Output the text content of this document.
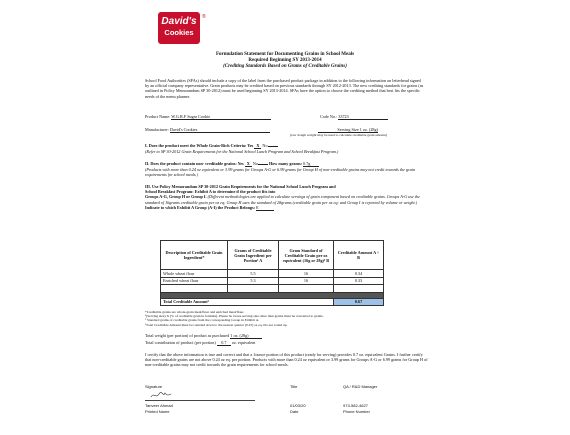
David's
Cookies
®
Formulation Statement for Documenting Grains in School Meals
Required Beginning SY 2013-2014
(Crediting Standards Based on Grams of Creditable Grains)
School Food Authorities (SFAs) should include a copy of the label from the purchased product package in addition to the following information on letterhead signed by an official company representative. Grain products may be credited based on previous standards through SY 2012-2013. The new crediting standards for grains (as outlined in Policy Memorandum SP 30-2012) must be used beginning SY 2013-2014. SFAs have the option to choose the crediting method that best fits the specific needs of the menu planner.
Product Name: W.G.R.F Sugar Cookie	Code No.: 33723
Manufacturer: David's Cookies	Serving Size 1 oz. (28g)
(raw dough weight may be used to calculate creditable grain amount)
I. Does the product meet the Whole Grain-Rich Criteria: Yes X No
(Refer to SP 30-2012 Grain Requirements for the National School Lunch Program and School Breakfast Program.)
II. Does the product contain non- creditable grains: Yes X No	How many grams: 0.7g
(Products with more than 0.24 oz equivalent or 3.99 grams for Groups A-G or 6.99 grams for Group H of non-creditable grains may not credit towards the grain requirements for school meals.)
III. Use Policy Memorandum SP 30-2012 Grain Requirements for the National School Lunch Program and
School Breakfast Program: Exhibit A to determine if the product fits into
Groups A-G, Group H or Group I. (Different methodologies are applied to calculate servings of grain component based on creditable grains. Groups A-G use the standard of 16grams creditable grain per oz eq; Group H uses the standard of 28grams (creditable grain per oz eq; and Group I is reported by volume or weight.)
Indicate to which Exhibit A Group (A-I) the Product Belongs: E
Description of Creditable Grain Ingredient*	Grams of Creditable Grain Ingredient per Portion¹ A	Gram Standard of Creditable Grain per oz equivalent (16g or 28g)² B	Creditable Amount A ÷ B
Whole wheat flour	5.5	16	0.34
Enriched wheat flour	5.3	16	0.33

Total Creditable Amount³			0.67
*Creditable grains are whole-grain meal/flour and enriched meal/flour.
¹(Serving size) X (% of creditable grain in formula). Please be aware serving size other than grams must be converted to grams.
² Standard grams of creditable grains from the corresponding Group in Exhibit A.
³Total Creditable Amount must be rounded down to the nearest quarter (0.25) oz eq. Do not round up.
Total weight (per portion) of product as purchased 1 oz. (28g)
Total contribution of product (per portion) 0.7 oz. equivalent
I certify that the above information is true and correct and that a 1ounce portion of this product (ready for serving) provides 0.7 oz. equivalent Grains. I further certify that non-creditable grains are not above 0.24 oz eq. per portion. Products with more than 0.24 oz equivalent or 3.99 grams for Groups A-G or 6.99 grams for Group H of non-creditable grains may not credit towards the grain requirements for school meals.
Signature	Title	QA / R&D Manager
Tanveer Ahmad
Printed Name
01/03/20
Date
973-582-4627
Phone Number
